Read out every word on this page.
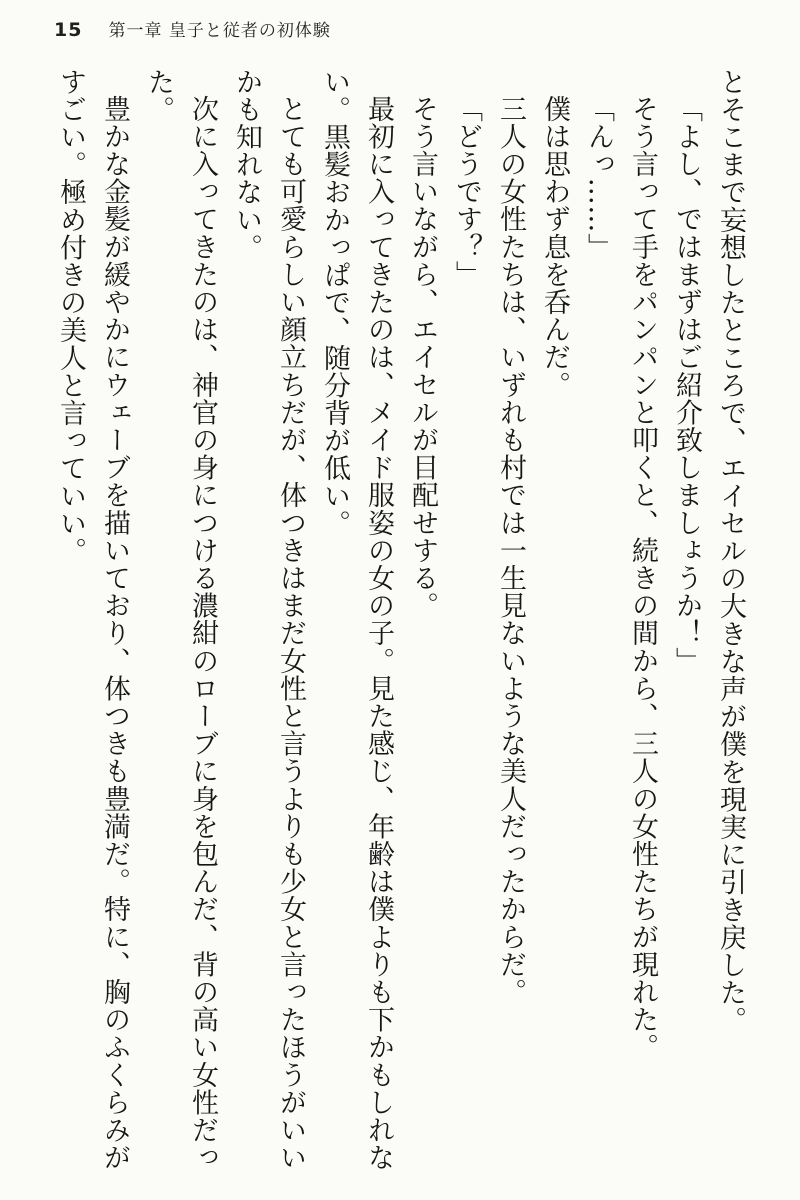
15 第一章 皇子と従者の初体験

とそこまで妄想したところで、エイセルの大きな声が僕を現実に引き戻した。

「よし、ではまずはご紹介致しましょうか！」

そう言って手をパンパンと叩くと、続きの間から、三人の女性たちが現れた。

「んっ……」

僕は思わず息を呑んだ。

三人の女性たちは、いずれも村では一生見ないような美人だったからだ。

「どうです？」

そう言いながら、エイセルが目配せする。

最初に入ってきたのは、メイド服姿の女の子。見た感じ、年齢は僕よりも下かもしれない。黒髪おかっぱで、随分背が低い。

とても可愛らしい顔立ちだが、体つきはまだ女性と言うよりも少女と言ったほうがいいかも知れない。

次に入ってきたのは、神官の身につける濃紺のローブに身を包んだ、背の高い女性だった。

豊かな金髪が緩やかにウェーブを描いており、体つきも豊満だ。特に、胸のふくらみがすごい。極め付きの美人と言っていい。
